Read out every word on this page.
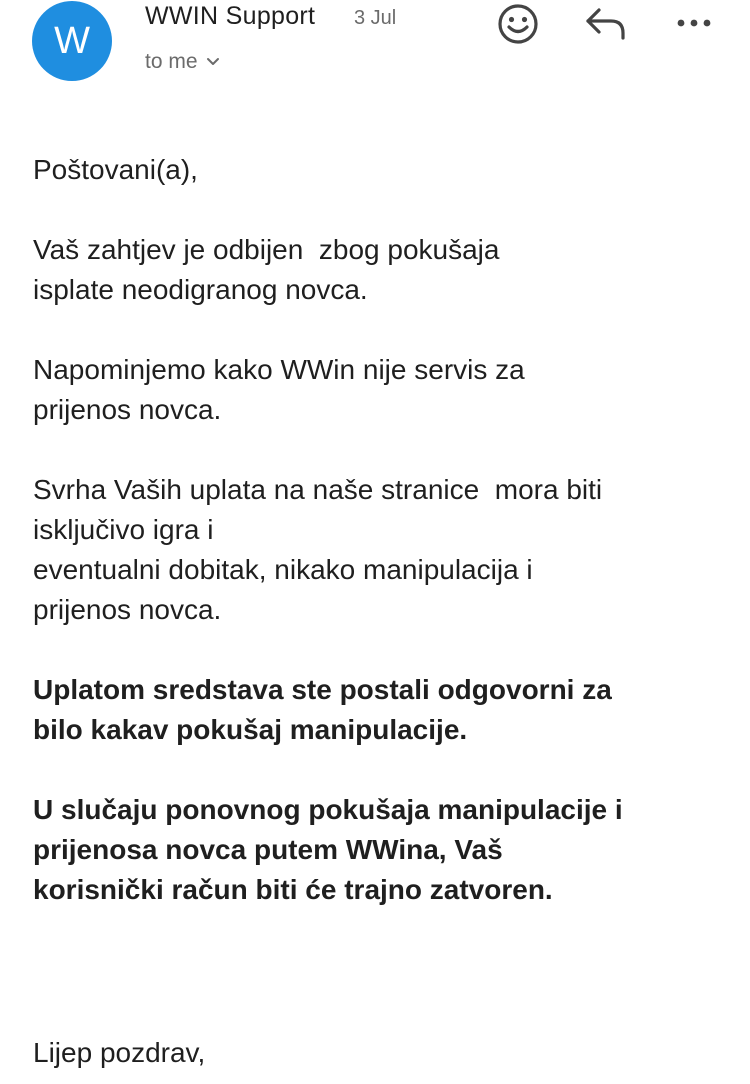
W
WWIN Support 3 Jul
to me

Poštovani(a),

Vaš zahtjev je odbijen  zbog pokušaja
isplate neodigranog novca.

Napominjemo kako WWin nije servis za
prijenos novca.

Svrha Vaših uplata na naše stranice  mora biti
isključivo igra i
eventualni dobitak, nikako manipulacija i
prijenos novca.

Uplatom sredstava ste postali odgovorni za
bilo kakav pokušaj manipulacije.

U slučaju ponovnog pokušaja manipulacije i
prijenosa novca putem WWina, Vaš
korisnički račun biti će trajno zatvoren.

Lijep pozdrav,
